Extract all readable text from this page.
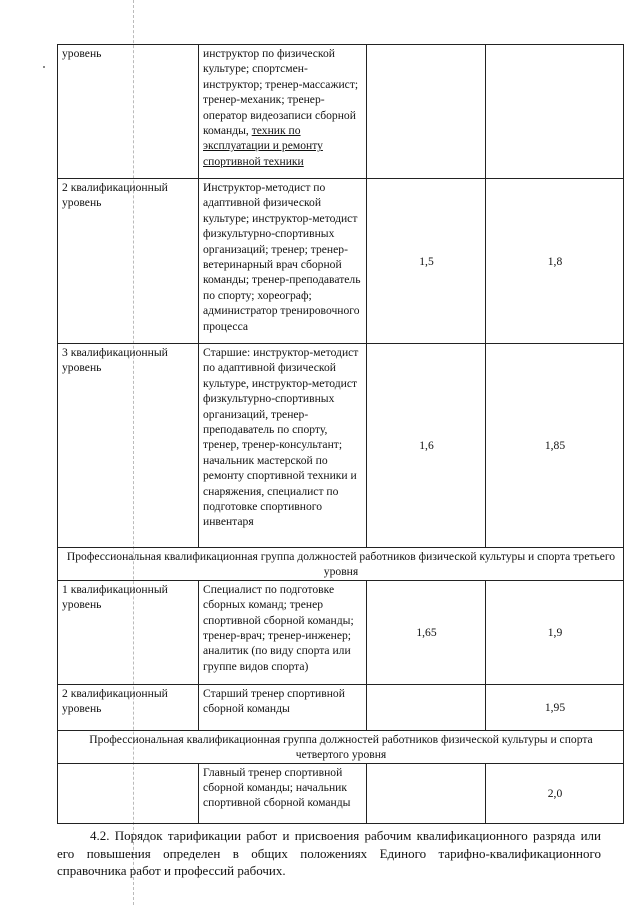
уровень	инструктор по физической культуре; спортсмен-инструктор; тренер-массажист; тренер-механик; тренер-оператор видеозаписи сборной команды, техник по эксплуатации и ремонту спортивной техники		
2 квалификационный уровень	Инструктор-методист по адаптивной физической культуре; инструктор-методист физкультурно-спортивных организаций; тренер; тренер-ветеринарный врач сборной команды; тренер-преподаватель по спорту; хореограф; администратор тренировочного процесса	1,5	1,8
3 квалификационный уровень	Старшие: инструктор-методист по адаптивной физической культуре, инструктор-методист физкультурно-спортивных организаций, тренер-преподаватель по спорту, тренер, тренер-консультант; начальник мастерской по ремонту спортивной техники и снаряжения, специалист по подготовке спортивного инвентаря	1,6	1,85
Профессиональная квалификационная группа должностей работников физической культуры и спорта третьего уровня			
1 квалификационный уровень	Специалист по подготовке сборных команд; тренер спортивной сборной команды; тренер-врач; тренер-инженер; аналитик (по виду спорта или группе видов спорта)	1,65	1,9
2 квалификационный уровень	Старший тренер спортивной сборной команды		1,95
Профессиональная квалификационная группа должностей работников физической культуры и спорта четвертого уровня			
	Главный тренер спортивной сборной команды; начальник спортивной сборной команды		2,0
4.2. Порядок тарификации работ и присвоения рабочим квалификационного разряда или его повышения определен в общих положениях Единого тарифно-квалификационного справочника работ и профессий рабочих.
